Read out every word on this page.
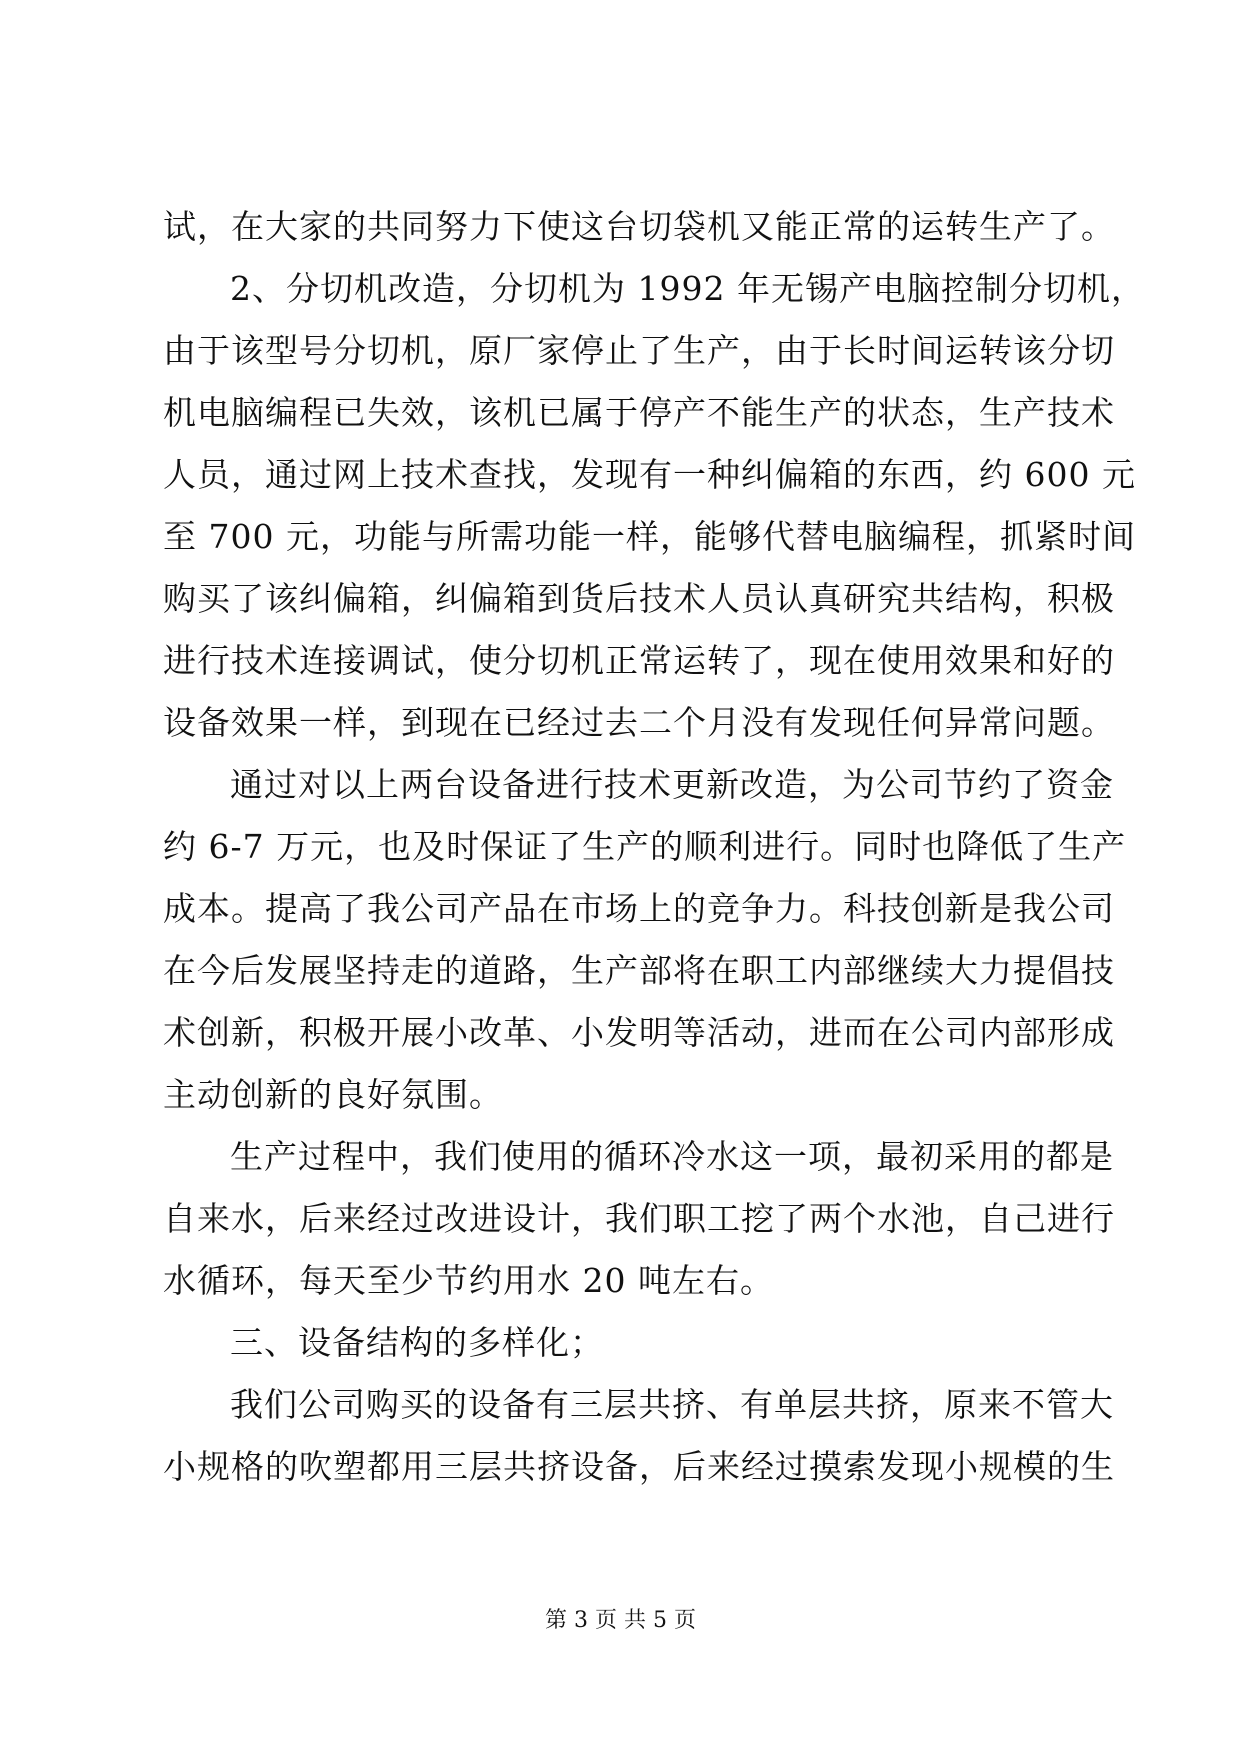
试，在大家的共同努力下使这台切袋机又能正常的运转生产了。
2、分切机改造，分切机为 1992 年无锡产电脑控制分切机，
由于该型号分切机，原厂家停止了生产，由于长时间运转该分切
机电脑编程已失效，该机已属于停产不能生产的状态，生产技术
人员，通过网上技术查找，发现有一种纠偏箱的东西，约 600 元
至 700 元，功能与所需功能一样，能够代替电脑编程，抓紧时间
购买了该纠偏箱，纠偏箱到货后技术人员认真研究共结构，积极
进行技术连接调试，使分切机正常运转了，现在使用效果和好的
设备效果一样，到现在已经过去二个月没有发现任何异常问题。
通过对以上两台设备进行技术更新改造，为公司节约了资金
约 6-7 万元，也及时保证了生产的顺利进行。同时也降低了生产
成本。提高了我公司产品在市场上的竞争力。科技创新是我公司
在今后发展坚持走的道路，生产部将在职工内部继续大力提倡技
术创新，积极开展小改革、小发明等活动，进而在公司内部形成
主动创新的良好氛围。
生产过程中，我们使用的循环冷水这一项，最初采用的都是
自来水，后来经过改进设计，我们职工挖了两个水池，自己进行
水循环，每天至少节约用水 20 吨左右。
三、设备结构的多样化；
我们公司购买的设备有三层共挤、有单层共挤，原来不管大
小规格的吹塑都用三层共挤设备，后来经过摸索发现小规模的生
第 3 页 共 5 页
